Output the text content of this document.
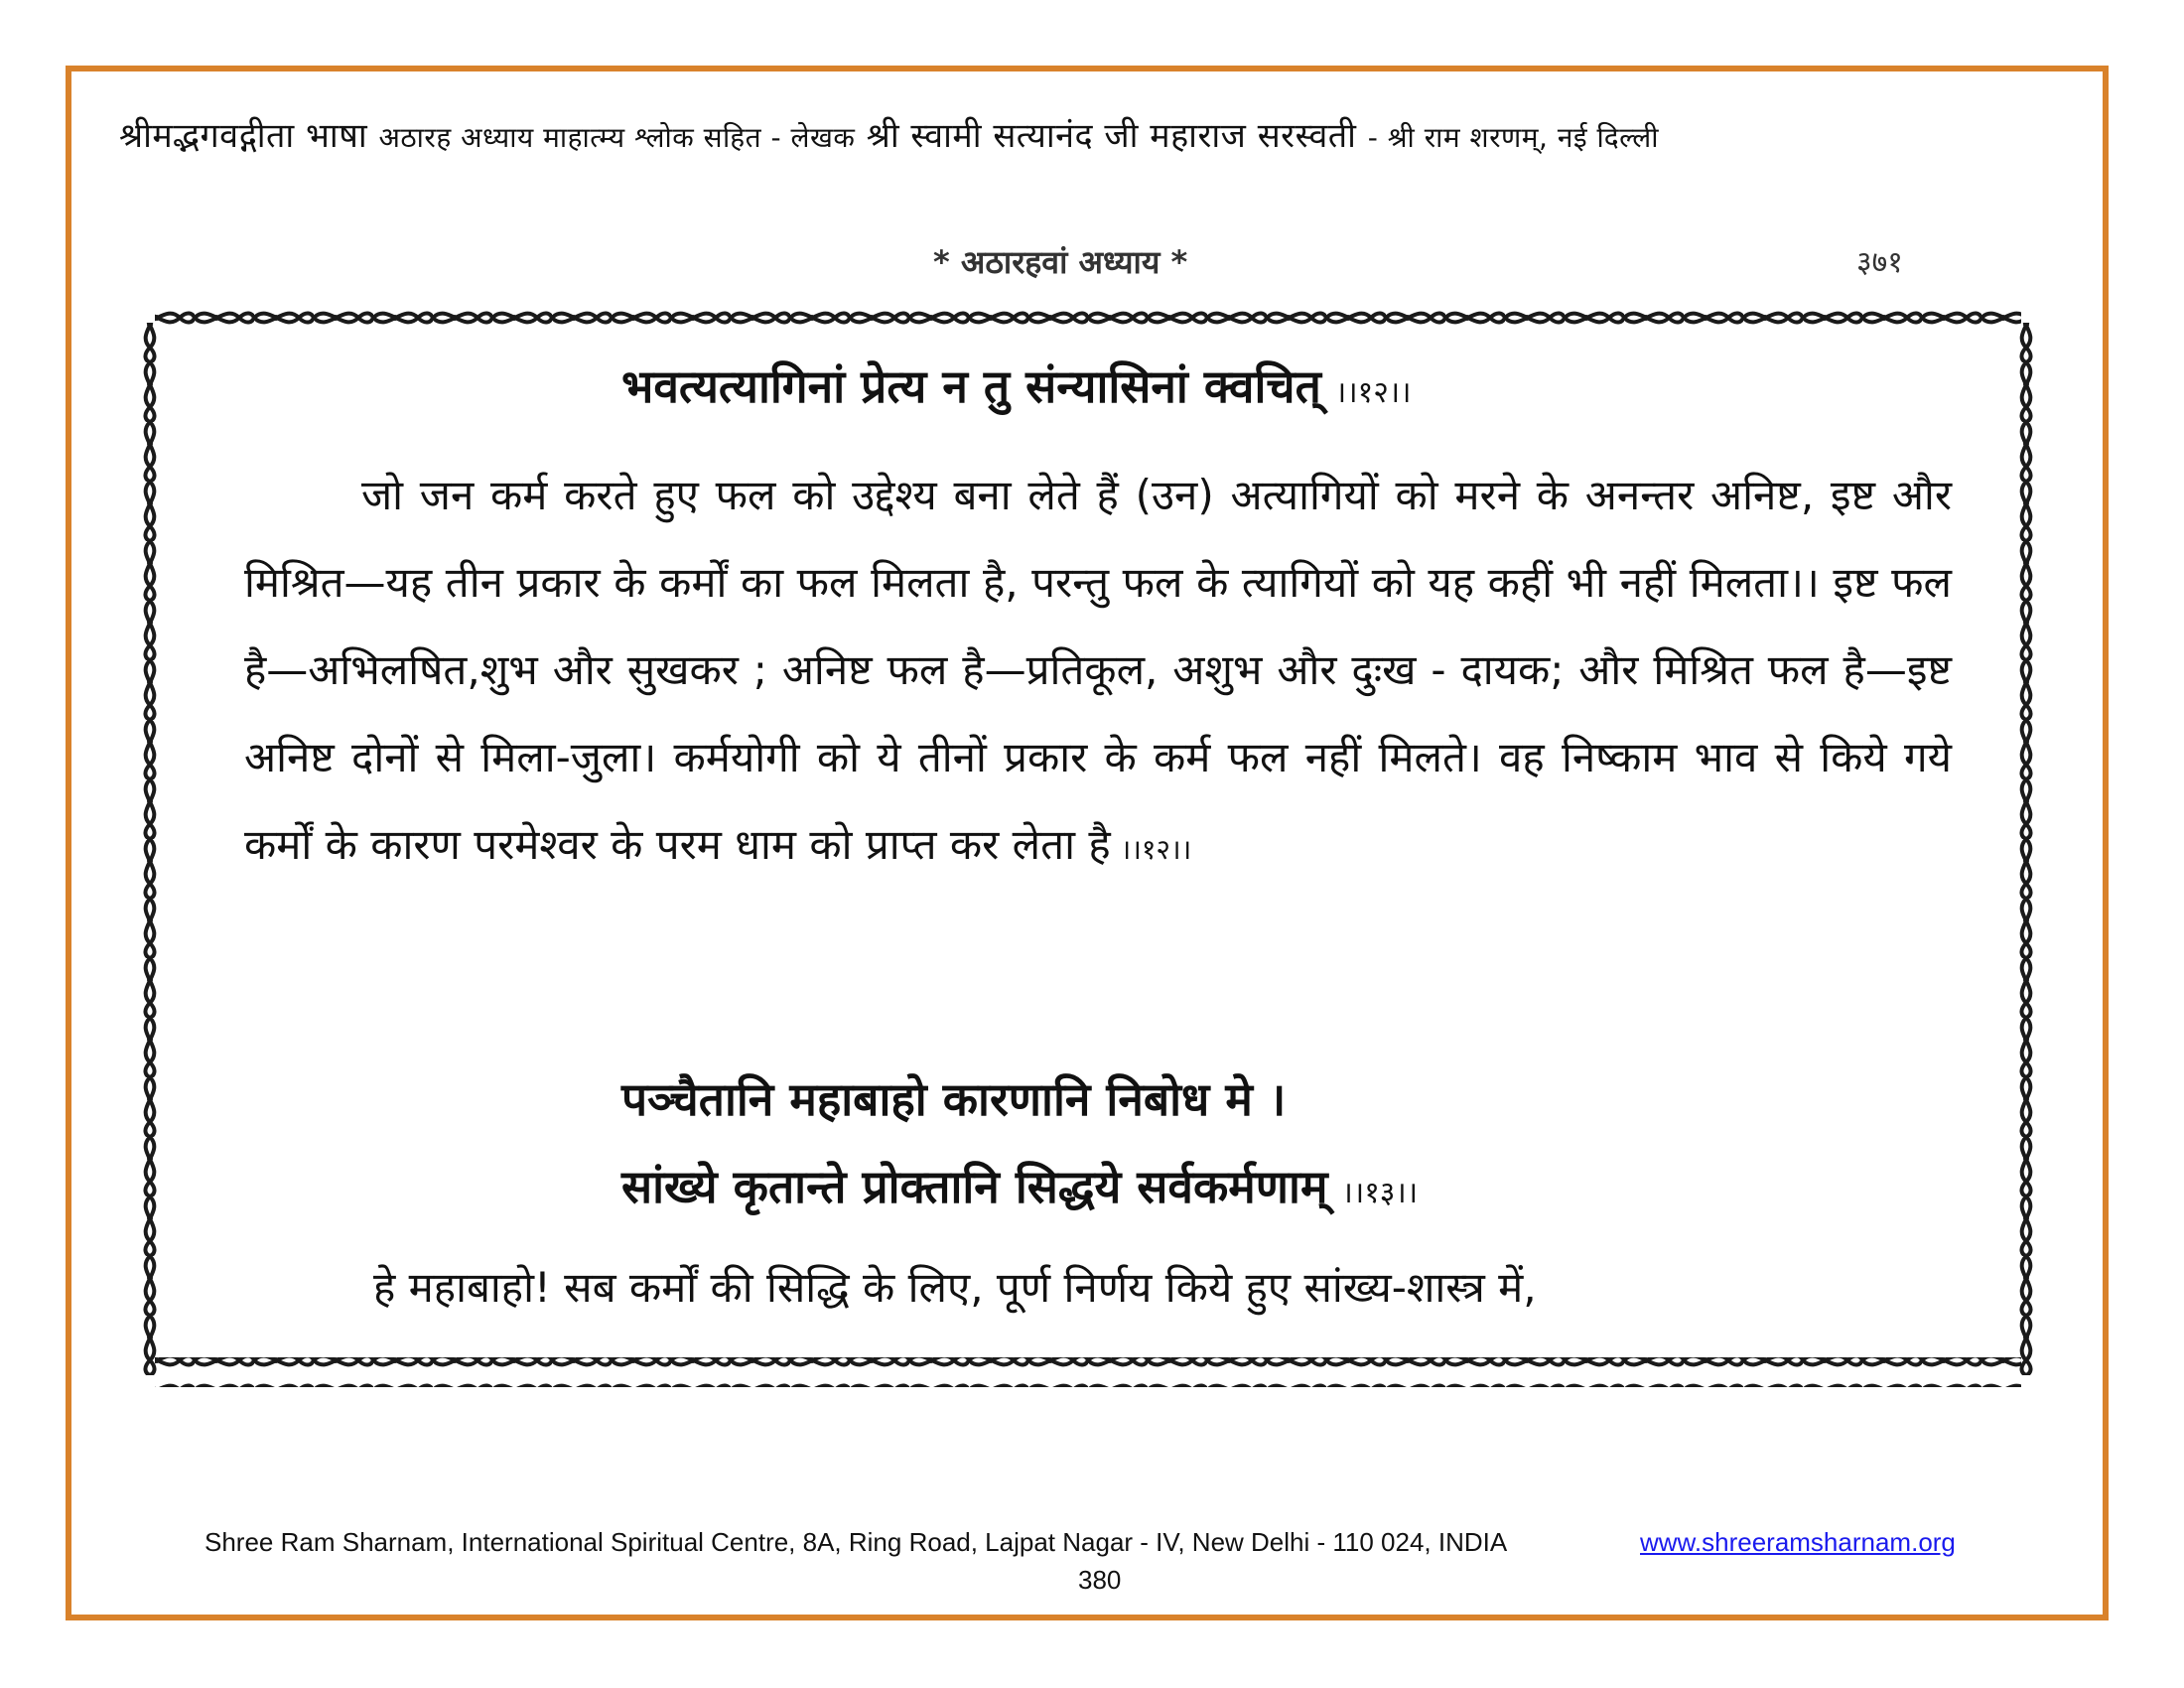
श्रीमद्भगवद्गीता भाषा अठारह अध्याय माहात्म्य श्लोक सहित - लेखक श्री स्वामी सत्यानंद जी महाराज सरस्वती - श्री राम शरणम्, नई दिल्ली
* अठारहवां अध्याय *	३७१
भवत्यत्यागिनां प्रेत्य न तु संन्यासिनां क्वचित् ।।१२।।
जो जन कर्म करते हुए फल को उद्देश्य बना लेते हैं (उन) अत्यागियों को मरने के अनन्तर अनिष्ट, इष्ट और मिश्रित—यह तीन प्रकार के कर्मों का फल मिलता है, परन्तु फल के त्यागियों को यह कहीं भी नहीं मिलता।। इष्ट फल है—अभिलषित,शुभ और सुखकर ; अनिष्ट फल है—प्रतिकूल, अशुभ और दुःख - दायक; और मिश्रित फल है—इष्ट अनिष्ट दोनों से मिला-जुला। कर्मयोगी को ये तीनों प्रकार के कर्म फल नहीं मिलते। वह निष्काम भाव से किये गये कर्मों के कारण परमेश्वर के परम धाम को प्राप्त कर लेता है ।।१२।।
पञ्चैतानि महाबाहो कारणानि निबोध मे ।
सांख्ये कृतान्ते प्रोक्तानि सिद्धये सर्वकर्मणाम् ।।१३।।
हे महाबाहो! सब कर्मों की सिद्धि के लिए, पूर्ण निर्णय किये हुए सांख्य-शास्त्र में,
Shree Ram Sharnam, International Spiritual Centre, 8A, Ring Road, Lajpat Nagar - IV, New Delhi - 110 024, INDIA	www.shreeramsharnam.org
380
